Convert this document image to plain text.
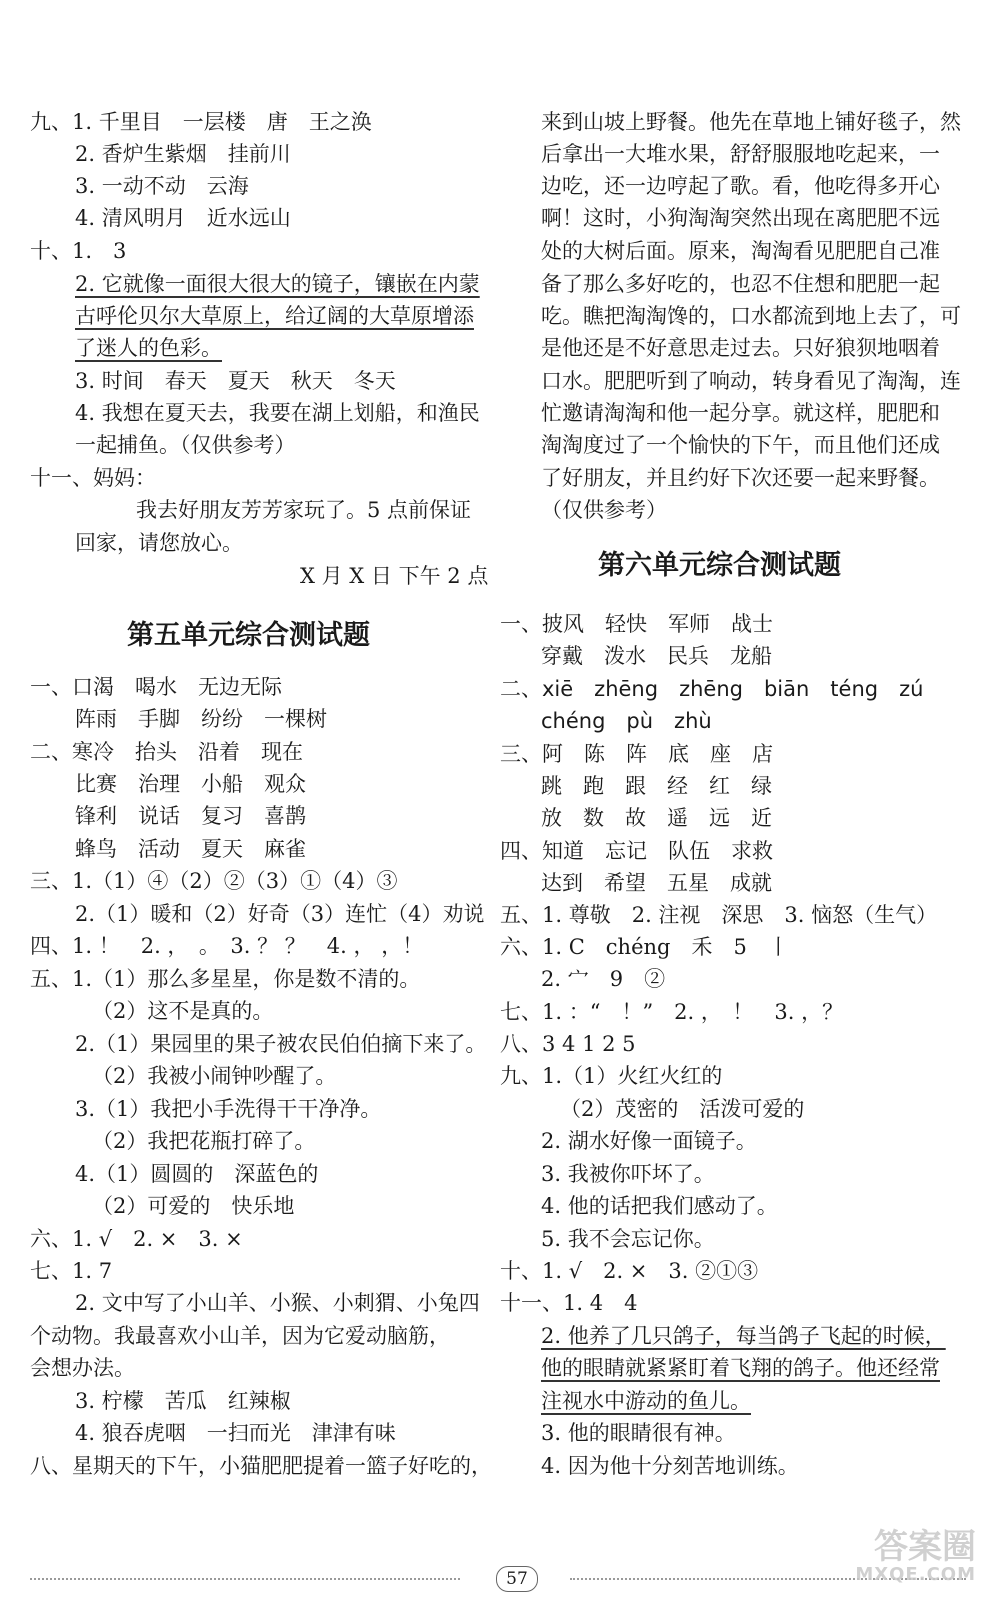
九、1. 千里目　一层楼　唐　王之涣
2. 香炉生紫烟　挂前川
3. 一动不动　云海
4. 清风明月　近水远山
十、1.　3
2. 它就像一面很大很大的镜子，镶嵌在内蒙
古呼伦贝尔大草原上，给辽阔的大草原增添
了迷人的色彩。
3. 时间　春天　夏天　秋天　冬天
4. 我想在夏天去，我要在湖上划船，和渔民
一起捕鱼。（仅供参考）
十一、妈妈：
我去好朋友芳芳家玩了。5 点前保证
回家，请您放心。
X 月 X 日 下午 2 点
第五单元综合测试题
一、口渴　喝水　无边无际
阵雨　手脚　纷纷　一棵树
二、寒冷　抬头　沿着　现在
比赛　治理　小船　观众
锋利　说话　复习　喜鹊
蜂鸟　活动　夏天　麻雀
三、1.（1）④（2）②（3）①（4）③
2.（1）暖和（2）好奇（3）连忙（4）劝说
四、1. ！　2. ，　。　3. ？ ？　4. ， ，！
五、1.（1）那么多星星，你是数不清的。
（2）这不是真的。
2.（1）果园里的果子被农民伯伯摘下来了。
（2）我被小闹钟吵醒了。
3.（1）我把小手洗得干干净净。
（2）我把花瓶打碎了。
4.（1）圆圆的　深蓝色的
（2）可爱的　快乐地
六、1. √　2. ×　3. ×
七、1. 7
2. 文中写了小山羊、小猴、小刺猬、小兔四
个动物。我最喜欢小山羊，因为它爱动脑筋，
会想办法。
3. 柠檬　苦瓜　红辣椒
4. 狼吞虎咽　一扫而光　津津有味
八、星期天的下午，小猫肥肥提着一篮子好吃的，
来到山坡上野餐。他先在草地上铺好毯子，然
后拿出一大堆水果，舒舒服服地吃起来，一
边吃，还一边哼起了歌。看，他吃得多开心
啊！这时，小狗淘淘突然出现在离肥肥不远
处的大树后面。原来，淘淘看见肥肥自己准
备了那么多好吃的，也忍不住想和肥肥一起
吃。瞧把淘淘馋的，口水都流到地上去了，可
是他还是不好意思走过去。只好狼狈地咽着
口水。肥肥听到了响动，转身看见了淘淘，连
忙邀请淘淘和他一起分享。就这样，肥肥和
淘淘度过了一个愉快的下午，而且他们还成
了好朋友，并且约好下次还要一起来野餐。
（仅供参考）
第六单元综合测试题
一、披风　轻快　军师　战士
穿戴　泼水　民兵　龙船
二、xiē　zhēng　zhēng　biān　téng　zú
chéng　pù　zhù
三、阿　陈　阵　底　座　店
跳　跑　跟　经　红　绿
放　数　故　遥　远　近
四、知道　忘记　队伍　求救
达到　希望　五星　成就
五、1. 尊敬　2. 注视　深思　3. 恼怒（生气）
六、1. C　chéng　禾　5　丨
2. 宀　9　②
七、1. ：“　！”　2. ，　！　3. ，？
八、3 4 1 2 5
九、1.（1）火红火红的
（2）茂密的　活泼可爱的
2. 湖水好像一面镜子。
3. 我被你吓坏了。
4. 他的话把我们感动了。
5. 我不会忘记你。
十、1. √　2. ×　3. ②①③
十一、1. 4　4
2. 他养了几只鸽子，每当鸽子飞起的时候，
他的眼睛就紧紧盯着飞翔的鸽子。他还经常
注视水中游动的鱼儿。
3. 他的眼睛很有神。
4. 因为他十分刻苦地训练。
57
答案圈
MXQE.COM
